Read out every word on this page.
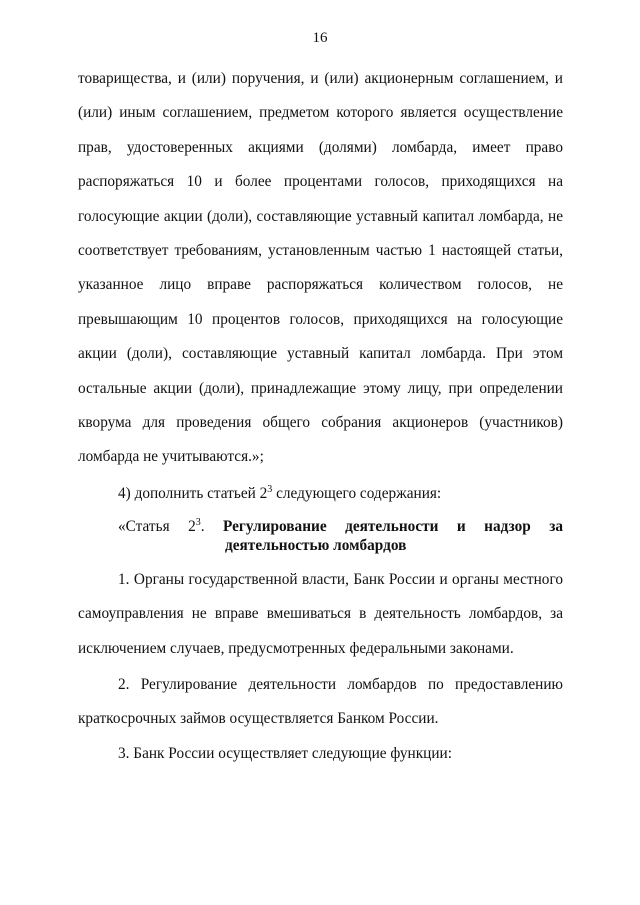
16

товарищества, и (или) поручения, и (или) акционерным соглашением, и

(или) иным соглашением, предметом которого является осуществление

прав, удостоверенных акциями (долями) ломбарда, имеет право

распоряжаться 10 и более процентами голосов, приходящихся на

голосующие акции (доли), составляющие уставный капитал ломбарда, не

соответствует требованиям, установленным частью 1 настоящей статьи,

указанное лицо вправе распоряжаться количеством голосов, не

превышающим 10 процентов голосов, приходящихся на голосующие

акции (доли), составляющие уставный капитал ломбарда. При этом

остальные акции (доли), принадлежащие этому лицу, при определении

кворума для проведения общего собрания акционеров (участников)

ломбарда не учитываются.»;

4) дополнить статьей $2^3$ следующего содержания:

«Статья $2^3$. Регулирование деятельности и надзор за
деятельностью ломбардов

1. Органы государственной власти, Банк России и органы местного

самоуправления не вправе вмешиваться в деятельность ломбардов, за

исключением случаев, предусмотренных федеральными законами.

2. Регулирование деятельности ломбардов по предоставлению

краткосрочных займов осуществляется Банком России.

3. Банк России осуществляет следующие функции:
